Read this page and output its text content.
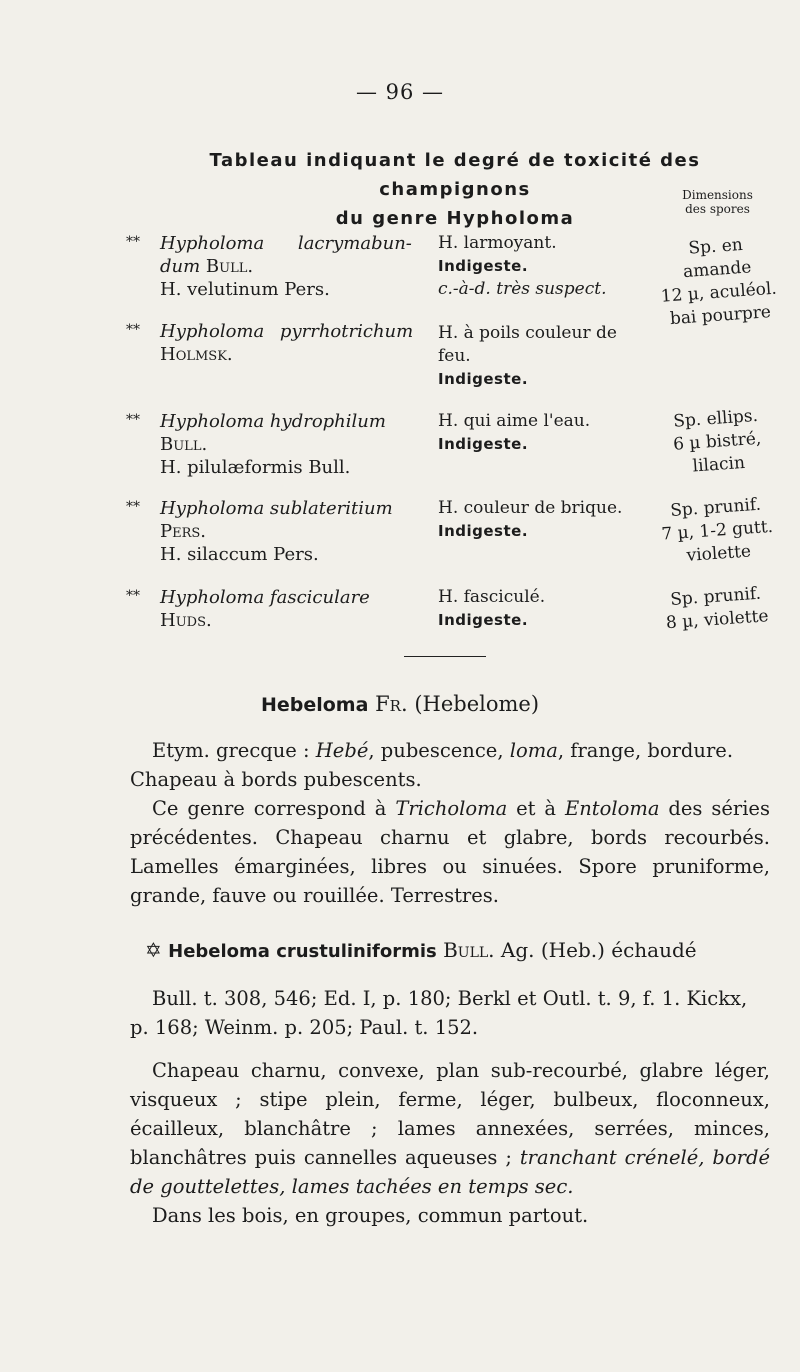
— 96 —
Tableau indiquant le degré de toxicité des champignons
du genre Hypholoma
Dimensions
des spores
** Hypholoma lacrymabun-
dum Bull.
H. velutinum Pers.
H. larmoyant.
Indigeste.
c.-à-d. très suspect.
Sp. en
amande
12 µ, aculéol.
bai pourpre
** Hypholoma pyrrhotrichum
Holmsk.
H. à poils couleur de
feu.
Indigeste.
** Hypholoma hydrophilum
Bull.
H. pilulæformis Bull.
H. qui aime l'eau.
Indigeste.
Sp. ellips.
6 µ bistré,
lilacin
** Hypholoma sublateritium
Pers.
H. silaccum Pers.
H. couleur de brique.
Indigeste.
Sp. prunif.
7 µ, 1-2 gutt.
violette
** Hypholoma fasciculare
Huds.
H. fasciculé.
Indigeste.
Sp. prunif.
8 µ, violette
Hebeloma Fr. (Hebelome)

Etym. grecque : Hebé, pubescence, loma, frange, bordure.

Chapeau à bords pubescents.

Ce genre correspond à Tricholoma et à Entoloma des séries précédentes. Chapeau charnu et glabre, bords recourbés. Lamelles émarginées, libres ou sinuées. Spore pruniforme, grande, fauve ou rouillée. Terrestres.

✡ Hebeloma crustuliniformis Bull. Ag. (Heb.) échaudé

Bull. t. 308, 546; Ed. I, p. 180; Berkl et Outl. t. 9, f. 1. Kickx, p. 168; Weinm. p. 205; Paul. t. 152.

Chapeau charnu, convexe, plan sub-recourbé, glabre léger, visqueux ; stipe plein, ferme, léger, bulbeux, floconneux, écailleux, blanchâtre ; lames annexées, serrées, minces, blanchâtres puis cannelles aqueuses ; tranchant crénelé, bordé de gouttelettes, lames tachées en temps sec.

Dans les bois, en groupes, commun partout.
